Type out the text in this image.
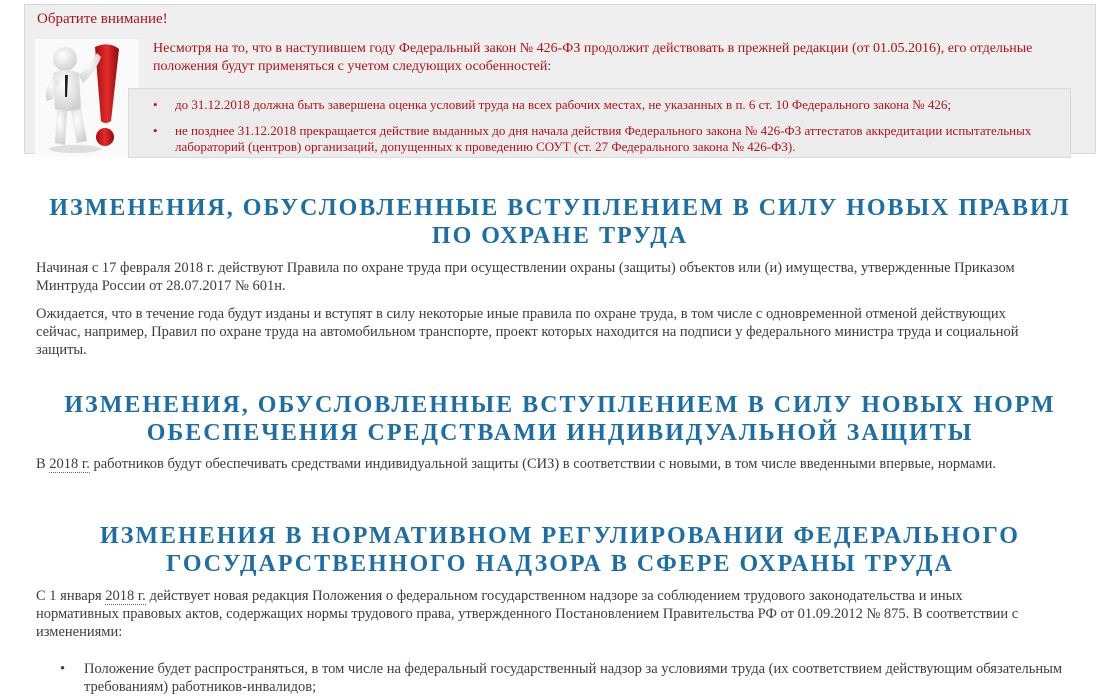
Обратите внимание!
Несмотря на то, что в наступившем году Федеральный закон № 426-ФЗ продолжит действовать в прежней редакции (от 01.05.2016), его отдельные положения будут применяться с учетом следующих особенностей:
• до 31.12.2018 должна быть завершена оценка условий труда на всех рабочих местах, не указанных в п. 6 ст. 10 Федерального закона № 426;
• не позднее 31.12.2018 прекращается действие выданных до дня начала действия Федерального закона № 426-ФЗ аттестатов аккредитации испытательных лабораторий (центров) организаций, допущенных к проведению СОУТ (ст. 27 Федерального закона № 426-ФЗ).
ИЗМЕНЕНИЯ, ОБУСЛОВЛЕННЫЕ ВСТУПЛЕНИЕМ В СИЛУ НОВЫХ ПРАВИЛ
ПО ОХРАНЕ ТРУДА

Начиная с 17 февраля 2018 г. действуют Правила по охране труда при осуществлении охраны (защиты) объектов или (и) имущества, утвержденные Приказом Минтруда России от 28.07.2017 № 601н.

Ожидается, что в течение года будут изданы и вступят в силу некоторые иные правила по охране труда, в том числе с одновременной отменой действующих сейчас, например, Правил по охране труда на автомобильном транспорте, проект которых находится на подписи у федерального министра труда и социальной защиты.

ИЗМЕНЕНИЯ, ОБУСЛОВЛЕННЫЕ ВСТУПЛЕНИЕМ В СИЛУ НОВЫХ НОРМ
ОБЕСПЕЧЕНИЯ СРЕДСТВАМИ ИНДИВИДУАЛЬНОЙ ЗАЩИТЫ

В 2018 г. работников будут обеспечивать средствами индивидуальной защиты (СИЗ) в соответствии с новыми, в том числе введенными впервые, нормами.

ИЗМЕНЕНИЯ В НОРМАТИВНОМ РЕГУЛИРОВАНИИ ФЕДЕРАЛЬНОГО
ГОСУДАРСТВЕННОГО НАДЗОРА В СФЕРЕ ОХРАНЫ ТРУДА

С 1 января 2018 г. действует новая редакция Положения о федеральном государственном надзоре за соблюдением трудового законодательства и иных нормативных правовых актов, содержащих нормы трудового права, утвержденного Постановлением Правительства РФ от 01.09.2012 № 875. В соответствии с изменениями:

• Положение будет распространяться, в том числе на федеральный государственный надзор за условиями труда (их соответствием действующим обязательным требованиям) работников-инвалидов;
